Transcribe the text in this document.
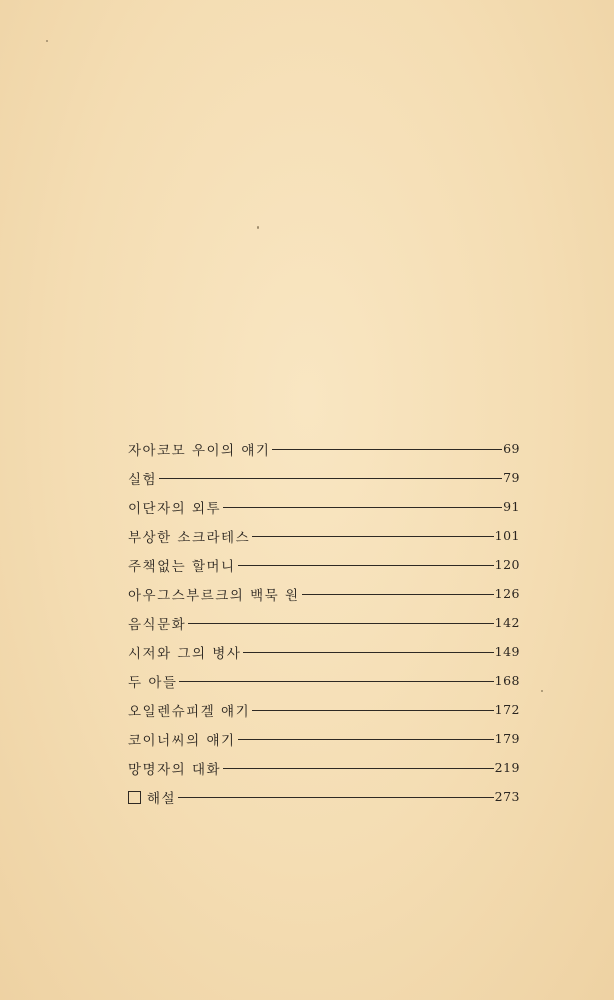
자아코모 우이의 얘기	69
실험	79
이단자의 외투	91
부상한 소크라테스	101
주책없는 할머니	120
아우그스부르크의 백묵 원	126
음식문화	142
시저와 그의 병사	149
두 아들	168
오일렌슈피겔 얘기	172
코이너씨의 얘기	179
망명자의 대화	219
해설	273
